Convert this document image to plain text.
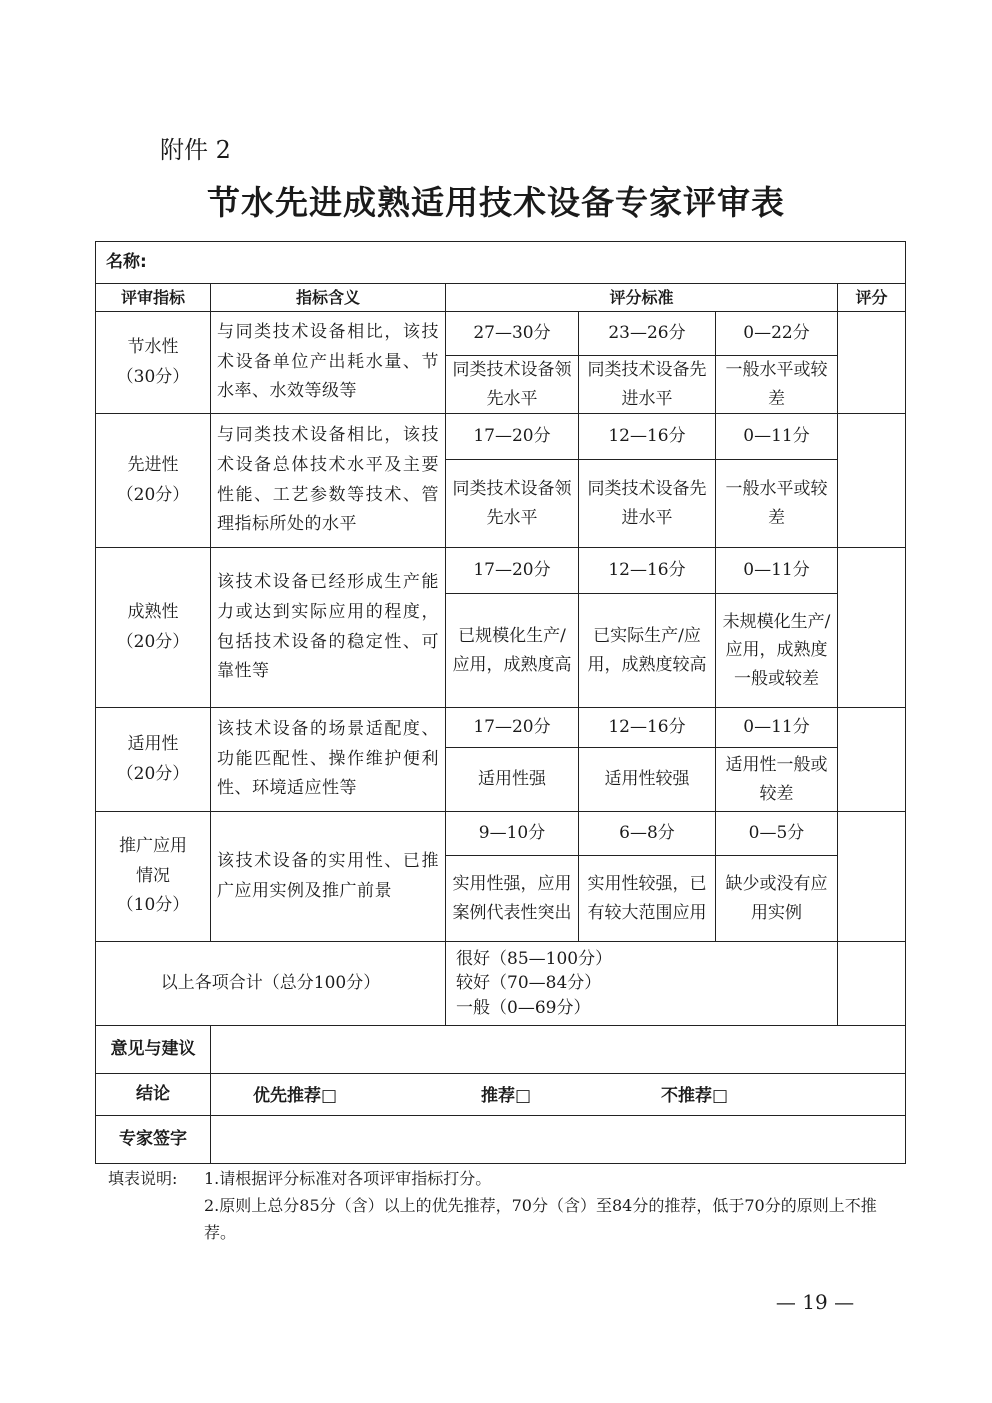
附件 2
节水先进成熟适用技术设备专家评审表
名称:					
评审指标	指标含义	评分标准			评分

节水性
（30分）	与同类技术设备相比，该技术设备单位产出耗水量、节水率、水效等级等	27—30分	23—26分	0—22分	
		同类技术设备领先水平	同类技术设备先进水平	一般水平或较差	

先进性
（20分）	与同类技术设备相比，该技术设备总体技术水平及主要性能、工艺参数等技术、管理指标所处的水平	17—20分	12—16分	0—11分	
		同类技术设备领先水平	同类技术设备先进水平	一般水平或较差	

成熟性
（20分）	该技术设备已经形成生产能力或达到实际应用的程度，包括技术设备的稳定性、可靠性等	17—20分	12—16分	0—11分	
		已规模化生产/应用，成熟度高	已实际生产/应用，成熟度较高	未规模化生产/应用，成熟度一般或较差	

适用性
（20分）	该技术设备的场景适配度、功能匹配性、操作维护便利性、环境适应性等	17—20分	12—16分	0—11分	
		适用性强	适用性较强	适用性一般或较差	

推广应用
情况
（10分）	该技术设备的实用性、已推广应用实例及推广前景	9—10分	6—8分	0—5分	
		实用性强，应用案例代表性突出	实用性较强，已有较大范围应用	缺少或没有应用实例	
以上各项合计（总分100分）		很好（85—100分）
较好（70—84分）
一般（0—69分）			

意见与建议					
结论	优先推荐□ 推荐□ 不推荐□				

专家签字					
填表说明:	1.请根据评分标准对各项评审指标打分。
2.原则上总分85分（含）以上的优先推荐，70分（含）至84分的推荐，低于70分的原则上不推荐。
— 19 —
